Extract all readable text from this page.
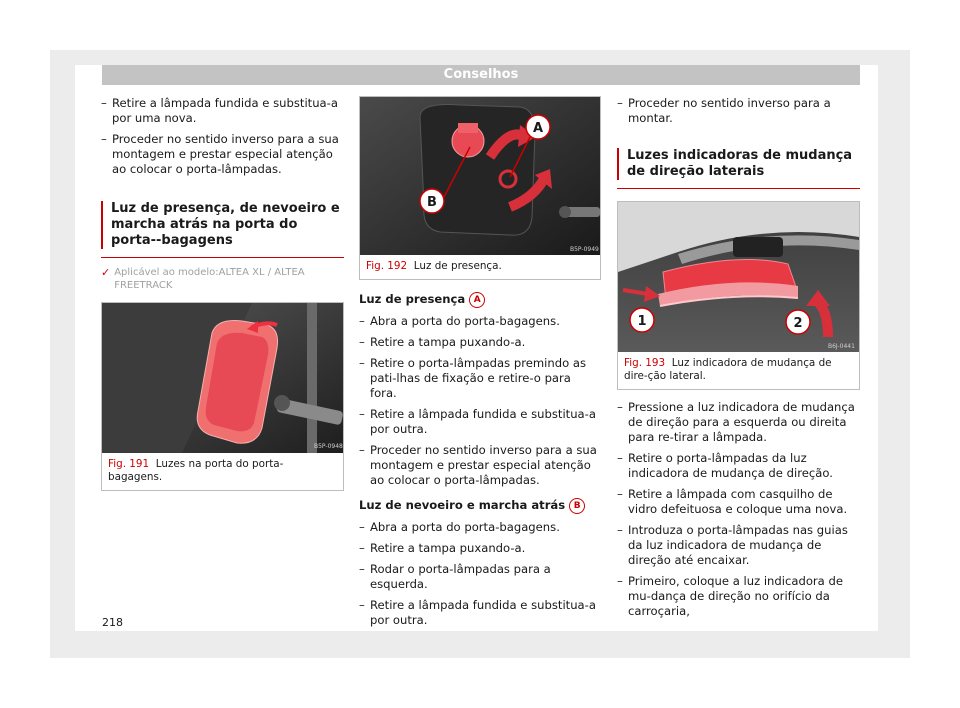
Conselhos
– Retire a lâmpada fundida e substitua-a por uma nova.
– Proceder no sentido inverso para a sua montagem e prestar especial atenção ao colocar o porta-lâmpadas.
Luz de presença, de nevoeiro e marcha atrás na porta do porta--bagagens
✓ Aplicável ao modelo:ALTEA XL / ALTEA FREETRACK
B5P-0948
Fig. 191 Luzes na porta do porta-bagagens.
A
B
B5P-0949
Fig. 192 Luz de presença.
Luz de presença A
– Abra a porta do porta-bagagens.
– Retire a tampa puxando-a.
– Retire o porta-lâmpadas premindo as pati-lhas de fixação e retire-o para fora.
– Retire a lâmpada fundida e substitua-a por outra.
– Proceder no sentido inverso para a sua montagem e prestar especial atenção ao colocar o porta-lâmpadas.
Luz de nevoeiro e marcha atrás B
– Abra a porta do porta-bagagens.
– Retire a tampa puxando-a.
– Rodar o porta-lâmpadas para a esquerda.
– Retire a lâmpada fundida e substitua-a por outra.
– Proceder no sentido inverso para a montar.
Luzes indicadoras de mudança de direção laterais
1	2
B6J-0441
Fig. 193 Luz indicadora de mudança de dire-ção lateral.
– Pressione a luz indicadora de mudança de direção para a esquerda ou direita para re-tirar a lâmpada.
– Retire o porta-lâmpadas da luz indicadora de mudança de direção.
– Retire a lâmpada com casquilho de vidro defeituosa e coloque uma nova.
– Introduza o porta-lâmpadas nas guias da luz indicadora de mudança de direção até encaixar.
– Primeiro, coloque a luz indicadora de mu-dança de direção no orifício da carroçaria,
218
